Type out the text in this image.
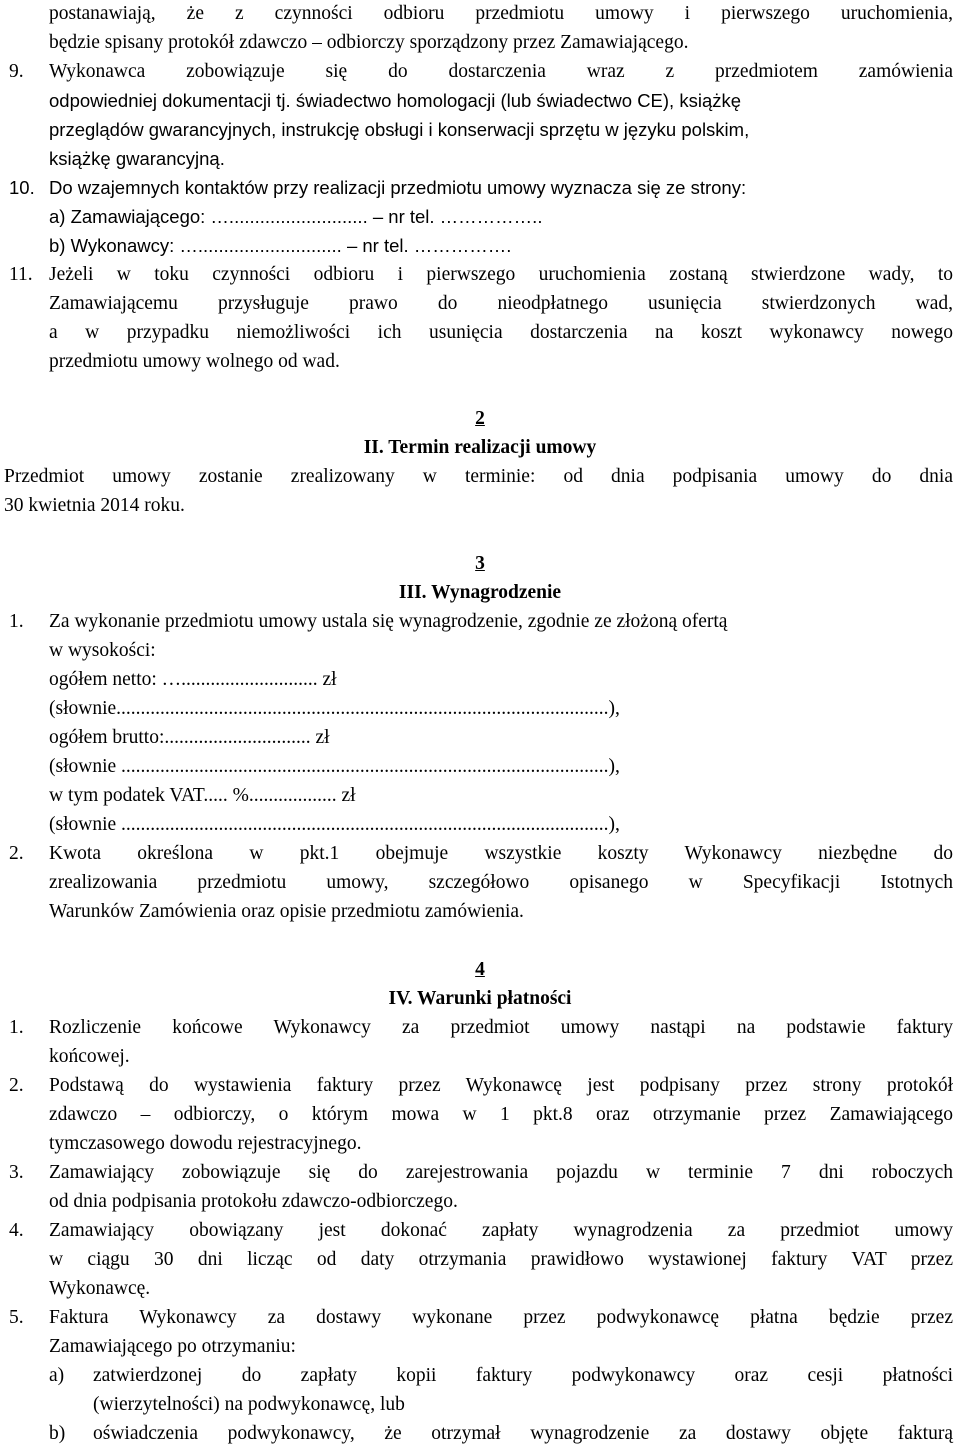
postanawiają, że z czynności odbioru przedmiotu umowy i pierwszego uruchomienia,
będzie spisany protokół zdawczo – odbiorczy sporządzony przez Zamawiającego.
9. Wykonawca zobowiązuje się do dostarczenia wraz z przedmiotem zamówienia
odpowiedniej dokumentacji tj. świadectwo homologacji (lub świadectwo CE), książkę
przeglądów gwarancyjnych, instrukcję obsługi i konserwacji sprzętu w języku polskim,
książkę gwarancyjną.
10. Do wzajemnych kontaktów przy realizacji przedmiotu umowy wyznacza się ze strony:
a) Zamawiającego: …........................... – nr tel. ……………..
b) Wykonawcy: …............................ – nr tel. …………….
11. Jeżeli w toku czynności odbioru i pierwszego uruchomienia zostaną stwierdzone wady, to
Zamawiającemu przysługuje prawo do nieodpłatnego usunięcia stwierdzonych wad,
a w przypadku niemożliwości ich usunięcia dostarczenia na koszt wykonawcy nowego
przedmiotu umowy wolnego od wad.
2
II. Termin realizacji umowy
Przedmiot umowy zostanie zrealizowany w terminie: od dnia podpisania umowy do dnia
30 kwietnia 2014 roku.
3
III. Wynagrodzenie
1. Za wykonanie przedmiotu umowy ustala się wynagrodzenie, zgodnie ze złożoną ofertą
w wysokości:
ogółem netto: …............................ zł
(słownie.....................................................................................................),
ogółem brutto:.............................. zł
(słownie ....................................................................................................),
w tym podatek VAT..... %.................. zł
(słownie ....................................................................................................),
2. Kwota określona w pkt.1 obejmuje wszystkie koszty Wykonawcy niezbędne do
zrealizowania przedmiotu umowy, szczegółowo opisanego w Specyfikacji Istotnych
Warunków Zamówienia oraz opisie przedmiotu zamówienia.
4
IV. Warunki płatności
1. Rozliczenie końcowe Wykonawcy za przedmiot umowy nastąpi na podstawie faktury
końcowej.
2. Podstawą do wystawienia faktury przez Wykonawcę jest podpisany przez strony protokół
zdawczo – odbiorczy, o którym mowa w 1 pkt.8 oraz otrzymanie przez Zamawiającego
tymczasowego dowodu rejestracyjnego.
3. Zamawiający zobowiązuje się do zarejestrowania pojazdu w terminie 7 dni roboczych
od dnia podpisania protokołu zdawczo-odbiorczego.
4. Zamawiający obowiązany jest dokonać zapłaty wynagrodzenia za przedmiot umowy
w ciągu 30 dni licząc od daty otrzymania prawidłowo wystawionej faktury VAT przez
Wykonawcę.
5. Faktura Wykonawcy za dostawy wykonane przez podwykonawcę płatna będzie przez
Zamawiającego po otrzymaniu:
a) zatwierdzonej do zapłaty kopii faktury podwykonawcy oraz cesji płatności
(wierzytelności) na podwykonawcę, lub
b) oświadczenia podwykonawcy, że otrzymał wynagrodzenie za dostawy objęte fakturą
